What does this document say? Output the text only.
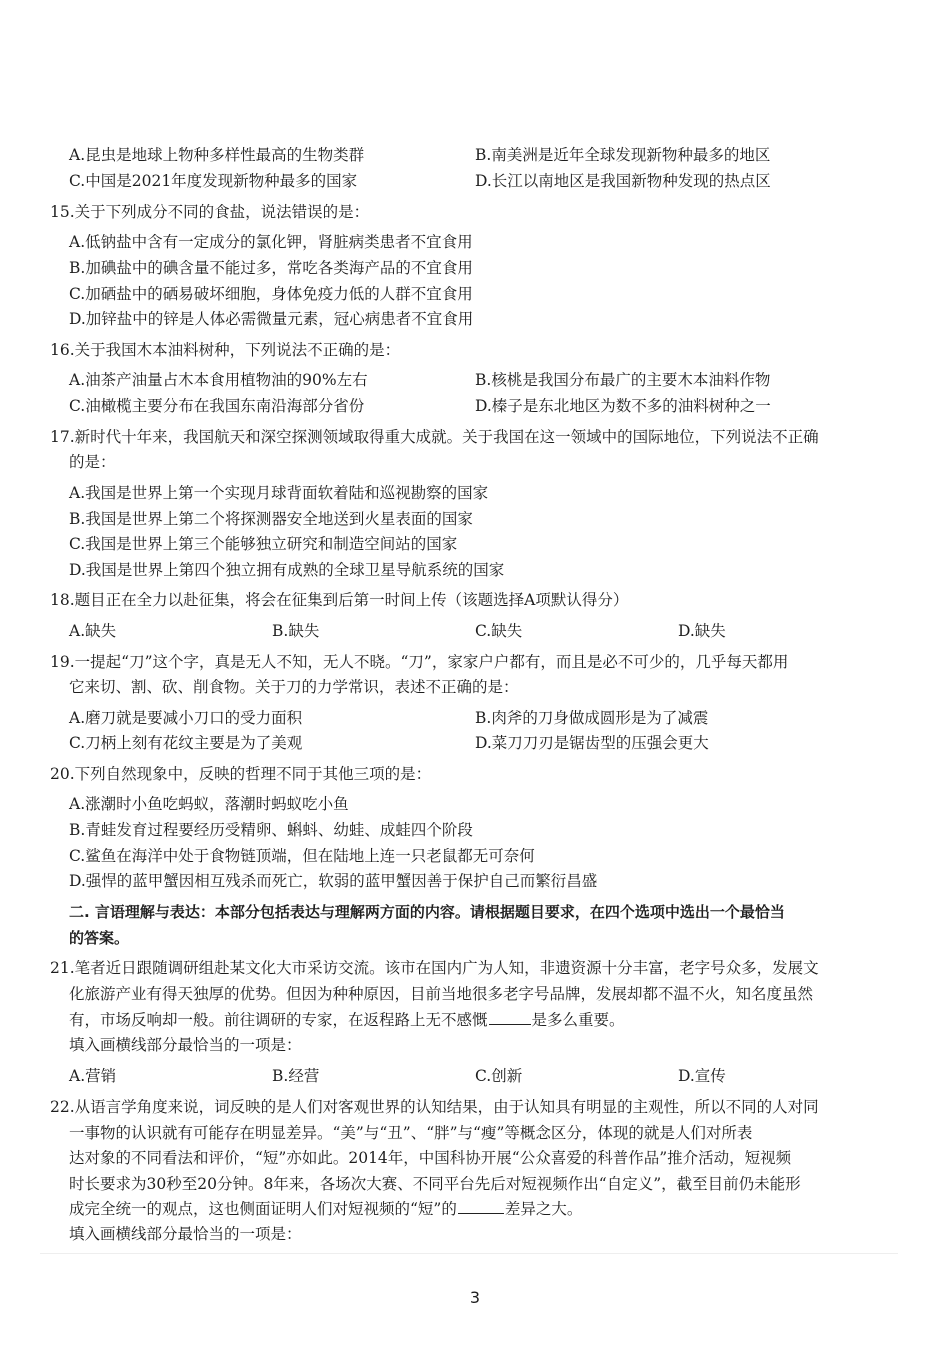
A.昆虫是地球上物种多样性最高的生物类群	B.南美洲是近年全球发现新物种最多的地区
C.中国是2021年度发现新物种最多的国家	D.长江以南地区是我国新物种发现的热点区
15.关于下列成分不同的食盐，说法错误的是：
A.低钠盐中含有一定成分的氯化钾，肾脏病类患者不宜食用
B.加碘盐中的碘含量不能过多，常吃各类海产品的不宜食用
C.加硒盐中的硒易破坏细胞，身体免疫力低的人群不宜食用
D.加锌盐中的锌是人体必需微量元素，冠心病患者不宜食用
16.关于我国木本油料树种，下列说法不正确的是：
A.油茶产油量占木本食用植物油的90%左右	B.核桃是我国分布最广的主要木本油料作物
C.油橄榄主要分布在我国东南沿海部分省份	D.榛子是东北地区为数不多的油料树种之一
17.新时代十年来，我国航天和深空探测领域取得重大成就。关于我国在这一领域中的国际地位，下列说法不正确
的是：
A.我国是世界上第一个实现月球背面软着陆和巡视勘察的国家
B.我国是世界上第二个将探测器安全地送到火星表面的国家
C.我国是世界上第三个能够独立研究和制造空间站的国家
D.我国是世界上第四个独立拥有成熟的全球卫星导航系统的国家
18.题目正在全力以赴征集，将会在征集到后第一时间上传（该题选择A项默认得分）
A.缺失	B.缺失	C.缺失	D.缺失
19.一提起“刀”这个字，真是无人不知，无人不晓。“刀”，家家户户都有，而且是必不可少的，几乎每天都用
它来切、割、砍、削食物。关于刀的力学常识，表述不正确的是：
A.磨刀就是要减小刀口的受力面积	B.肉斧的刀身做成圆形是为了减震
C.刀柄上刻有花纹主要是为了美观	D.菜刀刀刃是锯齿型的压强会更大
20.下列自然现象中，反映的哲理不同于其他三项的是：
A.涨潮时小鱼吃蚂蚁，落潮时蚂蚁吃小鱼
B.青蛙发育过程要经历受精卵、蝌蚪、幼蛙、成蛙四个阶段
C.鲨鱼在海洋中处于食物链顶端，但在陆地上连一只老鼠都无可奈何
D.强悍的蓝甲蟹因相互残杀而死亡，软弱的蓝甲蟹因善于保护自己而繁衍昌盛
二. 言语理解与表达：本部分包括表达与理解两方面的内容。请根据题目要求，在四个选项中选出一个最恰当
的答案。
21.笔者近日跟随调研组赴某文化大市采访交流。该市在国内广为人知，非遗资源十分丰富，老字号众多，发展文
化旅游产业有得天独厚的优势。但因为种种原因，目前当地很多老字号品牌，发展却都不温不火，知名度虽然
有，市场反响却一般。前往调研的专家，在返程路上无不感慨	是多么重要。
填入画横线部分最恰当的一项是：
A.营销	B.经营	C.创新	D.宣传
22.从语言学角度来说，词反映的是人们对客观世界的认知结果，由于认知具有明显的主观性，所以不同的人对同
一事物的认识就有可能存在明显差异。“美”与“丑”、“胖”与“瘦”等概念区分，体现的就是人们对所表
达对象的不同看法和评价，“短”亦如此。2014年，中国科协开展“公众喜爱的科普作品”推介活动，短视频
时长要求为30秒至20分钟。8年来，各场次大赛、不同平台先后对短视频作出“自定义”，截至目前仍未能形
成完全统一的观点，这也侧面证明人们对短视频的“短”的	差异之大。
填入画横线部分最恰当的一项是：
3
